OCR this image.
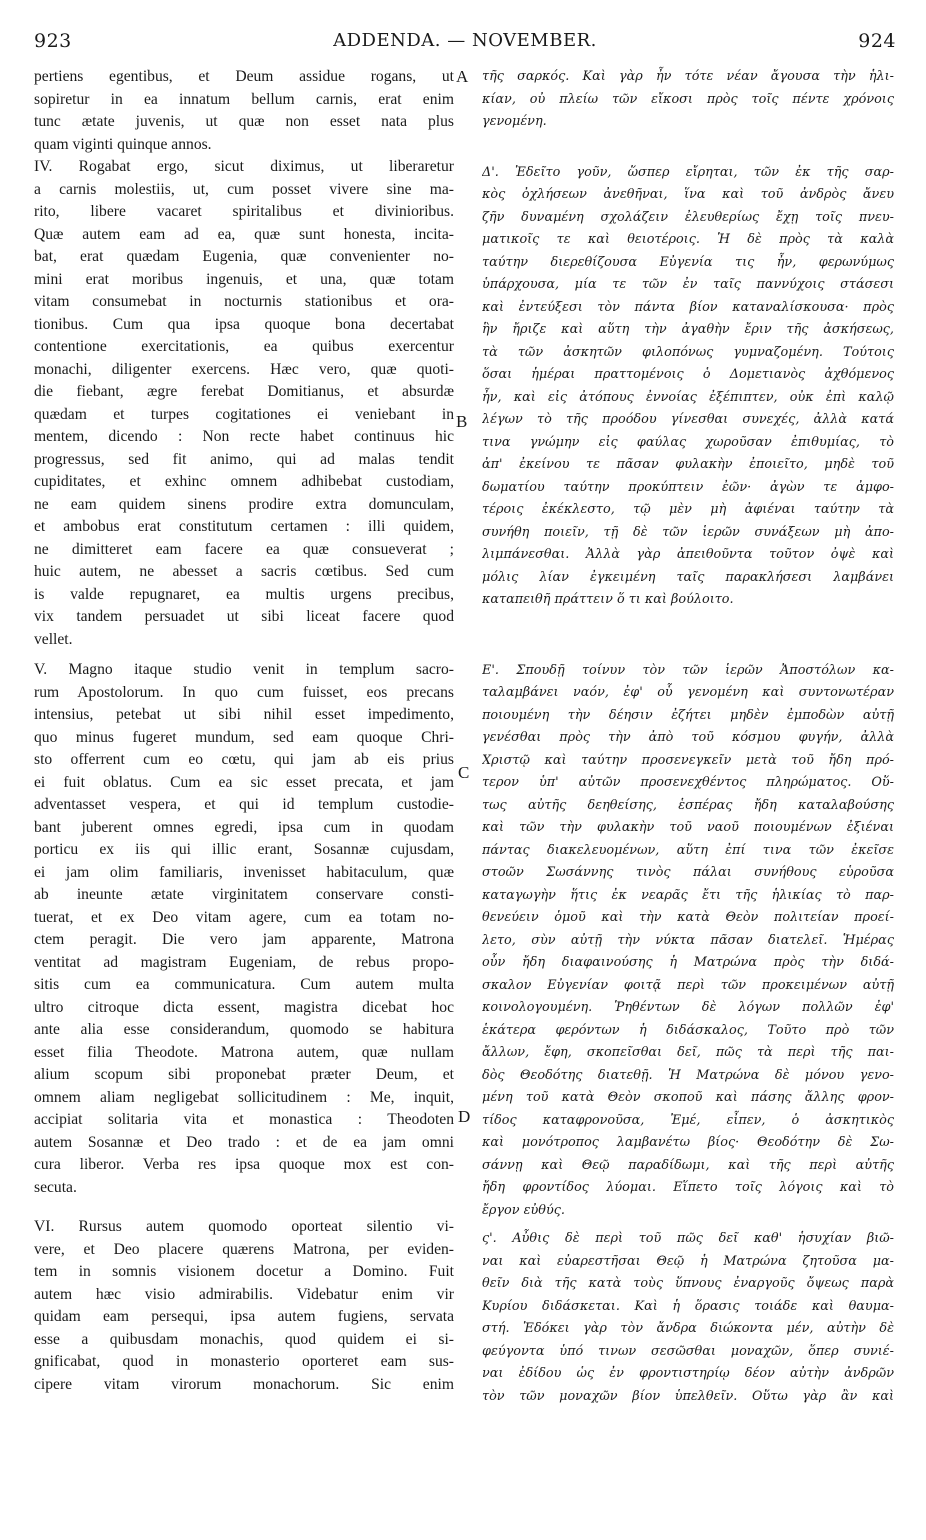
923	ADDENDA. — NOVEMBER.	924
A
B
C
D
pertiens egentibus, et Deum assidue rogans, ut
sopiretur in ea innatum bellum carnis, erat enim
tunc ætate juvenis, ut quæ non esset nata plus
quam viginti quinque annos.
IV. Rogabat ergo, sicut diximus, ut liberaretur
a carnis molestiis, ut, cum posset vivere sine ma-
rito, libere vacaret spiritalibus et divinioribus.
Quæ autem eam ad ea, quæ sunt honesta, incita-
bat, erat quædam Eugenia, quæ convenienter no-
mini erat moribus ingenuis, et una, quæ totam
vitam consumebat in nocturnis stationibus et ora-
tionibus. Cum qua ipsa quoque bona decertabat
contentione exercitationis, ea quibus exercentur
monachi, diligenter exercens. Hæc vero, quæ quoti-
die fiebant, ægre ferebat Domitianus, et absurdæ
quædam et turpes cogitationes ei veniebant in
mentem, dicendo : Non recte habet continuus hic
progressus, sed fit animo, qui ad malas tendit
cupiditates, et exhinc omnem adhibebat custodiam,
ne eam quidem sinens prodire extra domunculam,
et ambobus erat constitutum certamen : illi quidem,
ne dimitteret eam facere ea quæ consueverat ;
huic autem, ne abesset a sacris cœtibus. Sed cum
is valde repugnaret, ea multis urgens precibus,
vix tandem persuadet ut sibi liceat facere quod
vellet.
V. Magno itaque studio venit in templum sacro-
rum Apostolorum. In quo cum fuisset, eos precans
intensius, petebat ut sibi nihil esset impedimento,
quo minus fugeret mundum, sed eam quoque Chri-
sto offerrent cum eo cœtu, qui jam ab eis prius
ei fuit oblatus. Cum ea sic esset precata, et jam
adventasset vespera, et qui id templum custodie-
bant juberent omnes egredi, ipsa cum in quodam
porticu ex iis qui illic erant, Sosannæ cujusdam,
ei jam olim familiaris, invenisset habitaculum, quæ
ab ineunte ætate virginitatem conservare consti-
tuerat, et ex Deo vitam agere, cum ea totam no-
ctem peragit. Die vero jam apparente, Matrona
ventitat ad magistram Eugeniam, de rebus propo-
sitis cum ea communicatura. Cum autem multa
ultro citroque dicta essent, magistra dicebat hoc
ante alia esse considerandum, quomodo se habitura
esset filia Theodote. Matrona autem, quæ nullam
alium scopum sibi proponebat præter Deum, et
omnem aliam negligebat sollicitudinem : Me, inquit,
accipiat solitaria vita et monastica : Theodoten
autem Sosannæ et Deo trado : et de ea jam omni
cura liberor. Verba res ipsa quoque mox est con-
secuta.
VI. Rursus autem quomodo oporteat silentio vi-
vere, et Deo placere quærens Matrona, per eviden-
tem in somnis visionem docetur a Domino. Fuit
autem hæc visio admirabilis. Videbatur enim vir
quidam eam persequi, ipsa autem fugiens, servata
esse a quibusdam monachis, quod quidem ei si-
gnificabat, quod in monasterio oporteret eam sus-
cipere vitam virorum monachorum. Sic enim
τῆς σαρκός. Καὶ γὰρ ἦν τότε νέαν ἄγουσα τὴν ἡλι-
κίαν, οὐ πλείω τῶν εἴκοσι πρὸς τοῖς πέντε χρόνοις
γενομένη.
Δ'. Ἐδεῖτο γοῦν, ὥσπερ εἴρηται, τῶν ἐκ τῆς σαρ-
κὸς ὀχλήσεων ἀνεθῆναι, ἵνα καὶ τοῦ ἀνδρὸς ἄνευ
ζῆν δυναμένη σχολάζειν ἐλευθερίως ἔχῃ τοῖς πνευ-
ματικοῖς τε καὶ θειοτέροις. Ἡ δὲ πρὸς τὰ καλὰ
ταύτην διερεθίζουσα Εὐγενία τις ἦν, φερωνύμως
ὑπάρχουσα, μία τε τῶν ἐν ταῖς παννύχοις στάσεσι
καὶ ἐντεύξεσι τὸν πάντα βίον καταναλίσκουσα· πρὸς
ἣν ἤριζε καὶ αὕτη τὴν ἀγαθὴν ἔριν τῆς ἀσκήσεως,
τὰ τῶν ἀσκητῶν φιλοπόνως γυμναζομένη. Τούτοις
ὅσαι ἡμέραι πραττομένοις ὁ Δομετιανὸς ἀχθόμενος
ἦν, καὶ εἰς ἀτόπους ἐννοίας ἐξέπιπτεν, οὐκ ἐπὶ καλῷ
λέγων τὸ τῆς προόδου γίνεσθαι συνεχές, ἀλλὰ κατά
τινα γνώμην εἰς φαύλας χωροῦσαν ἐπιθυμίας, τὸ
ἀπ' ἐκείνου τε πᾶσαν φυλακὴν ἐποιεῖτο, μηδὲ τοῦ
δωματίου ταύτην προκύπτειν ἐῶν· ἀγὼν τε ἀμφο-
τέροις ἐκέκλεστο, τῷ μὲν μὴ ἀφιέναι ταύτην τὰ
συνήθη ποιεῖν, τῇ δὲ τῶν ἱερῶν συνάξεων μὴ ἀπο-
λιμπάνεσθαι. Ἀλλὰ γὰρ ἀπειθοῦντα τοῦτον ὀψὲ καὶ
μόλις λίαν ἐγκειμένη ταῖς παρακλήσεσι λαμβάνει
καταπειθῆ πράττειν ὅ τι καὶ βούλοιτο.
Ε'. Σπουδῇ τοίνυν τὸν τῶν ἱερῶν Ἀποστόλων κα-
ταλαμβάνει ναόν, ἐφ' οὗ γενομένη καὶ συντονωτέραν
ποιουμένη τὴν δέησιν ἐζήτει μηδὲν ἐμποδὼν αὐτῇ
γενέσθαι πρὸς τὴν ἀπὸ τοῦ κόσμου φυγήν, ἀλλὰ
Χριστῷ καὶ ταύτην προσενεγκεῖν μετὰ τοῦ ἤδη πρό-
τερον ὑπ' αὐτῶν προσενεχθέντος πληρώματος. Οὕ-
τως αὐτῆς δεηθείσης, ἑσπέρας ἤδη καταλαβούσης
καὶ τῶν τὴν φυλακὴν τοῦ ναοῦ ποιουμένων ἐξιέναι
πάντας διακελευομένων, αὕτη ἐπί τινα τῶν ἐκεῖσε
στοῶν Σωσάννης τινὸς πάλαι συνήθους εὑροῦσα
καταγωγὴν ἥτις ἐκ νεαρᾶς ἔτι τῆς ἡλικίας τὸ παρ-
θενεύειν ὁμοῦ καὶ τὴν κατὰ Θεὸν πολιτείαν προεί-
λετο, σὺν αὐτῇ τὴν νύκτα πᾶσαν διατελεῖ. Ἡμέρας
οὖν ἤδη διαφαινούσης ἡ Ματρώνα πρὸς τὴν διδά-
σκαλον Εὐγενίαν φοιτᾷ περὶ τῶν προκειμένων αὐτῇ
κοινολογουμένη. Ῥηθέντων δὲ λόγων πολλῶν ἐφ'
ἑκάτερα φερόντων ἡ διδάσκαλος, Τοῦτο πρὸ τῶν
ἄλλων, ἔφη, σκοπεῖσθαι δεῖ, πῶς τὰ περὶ τῆς παι-
δὸς Θεοδότης διατεθῇ. Ἡ Ματρώνα δὲ μόνου γενο-
μένη τοῦ κατὰ Θεὸν σκοποῦ καὶ πάσης ἄλλης φρον-
τίδος καταφρονοῦσα, Ἐμέ, εἶπεν, ὁ ἀσκητικὸς
καὶ μονότροπος λαμβανέτω βίος· Θεοδότην δὲ Σω-
σάννῃ καὶ Θεῷ παραδίδωμι, καὶ τῆς περὶ αὐτῆς
ἤδη φροντίδος λύομαι. Εἵπετο τοῖς λόγοις καὶ τὸ
ἔργον εὐθύς.
ς'. Αὖθις δὲ περὶ τοῦ πῶς δεῖ καθ' ἡσυχίαν βιῶ-
ναι καὶ εὐαρεστῆσαι Θεῷ ἡ Ματρώνα ζητοῦσα μα-
θεῖν διὰ τῆς κατὰ τοὺς ὕπνους ἐναργοῦς ὄψεως παρὰ
Κυρίου διδάσκεται. Καὶ ἡ ὅρασις τοιάδε καὶ θαυμα-
στή. Ἐδόκει γὰρ τὸν ἄνδρα διώκοντα μέν, αὐτὴν δὲ
φεύγοντα ὑπό τινων σεσῶσθαι μοναχῶν, ὅπερ συνιέ-
ναι ἐδίδου ὡς ἐν φροντιστηρίῳ δέον αὐτὴν ἀνδρῶν
τὸν τῶν μοναχῶν βίον ὑπελθεῖν. Οὕτω γὰρ ἂν καὶ
